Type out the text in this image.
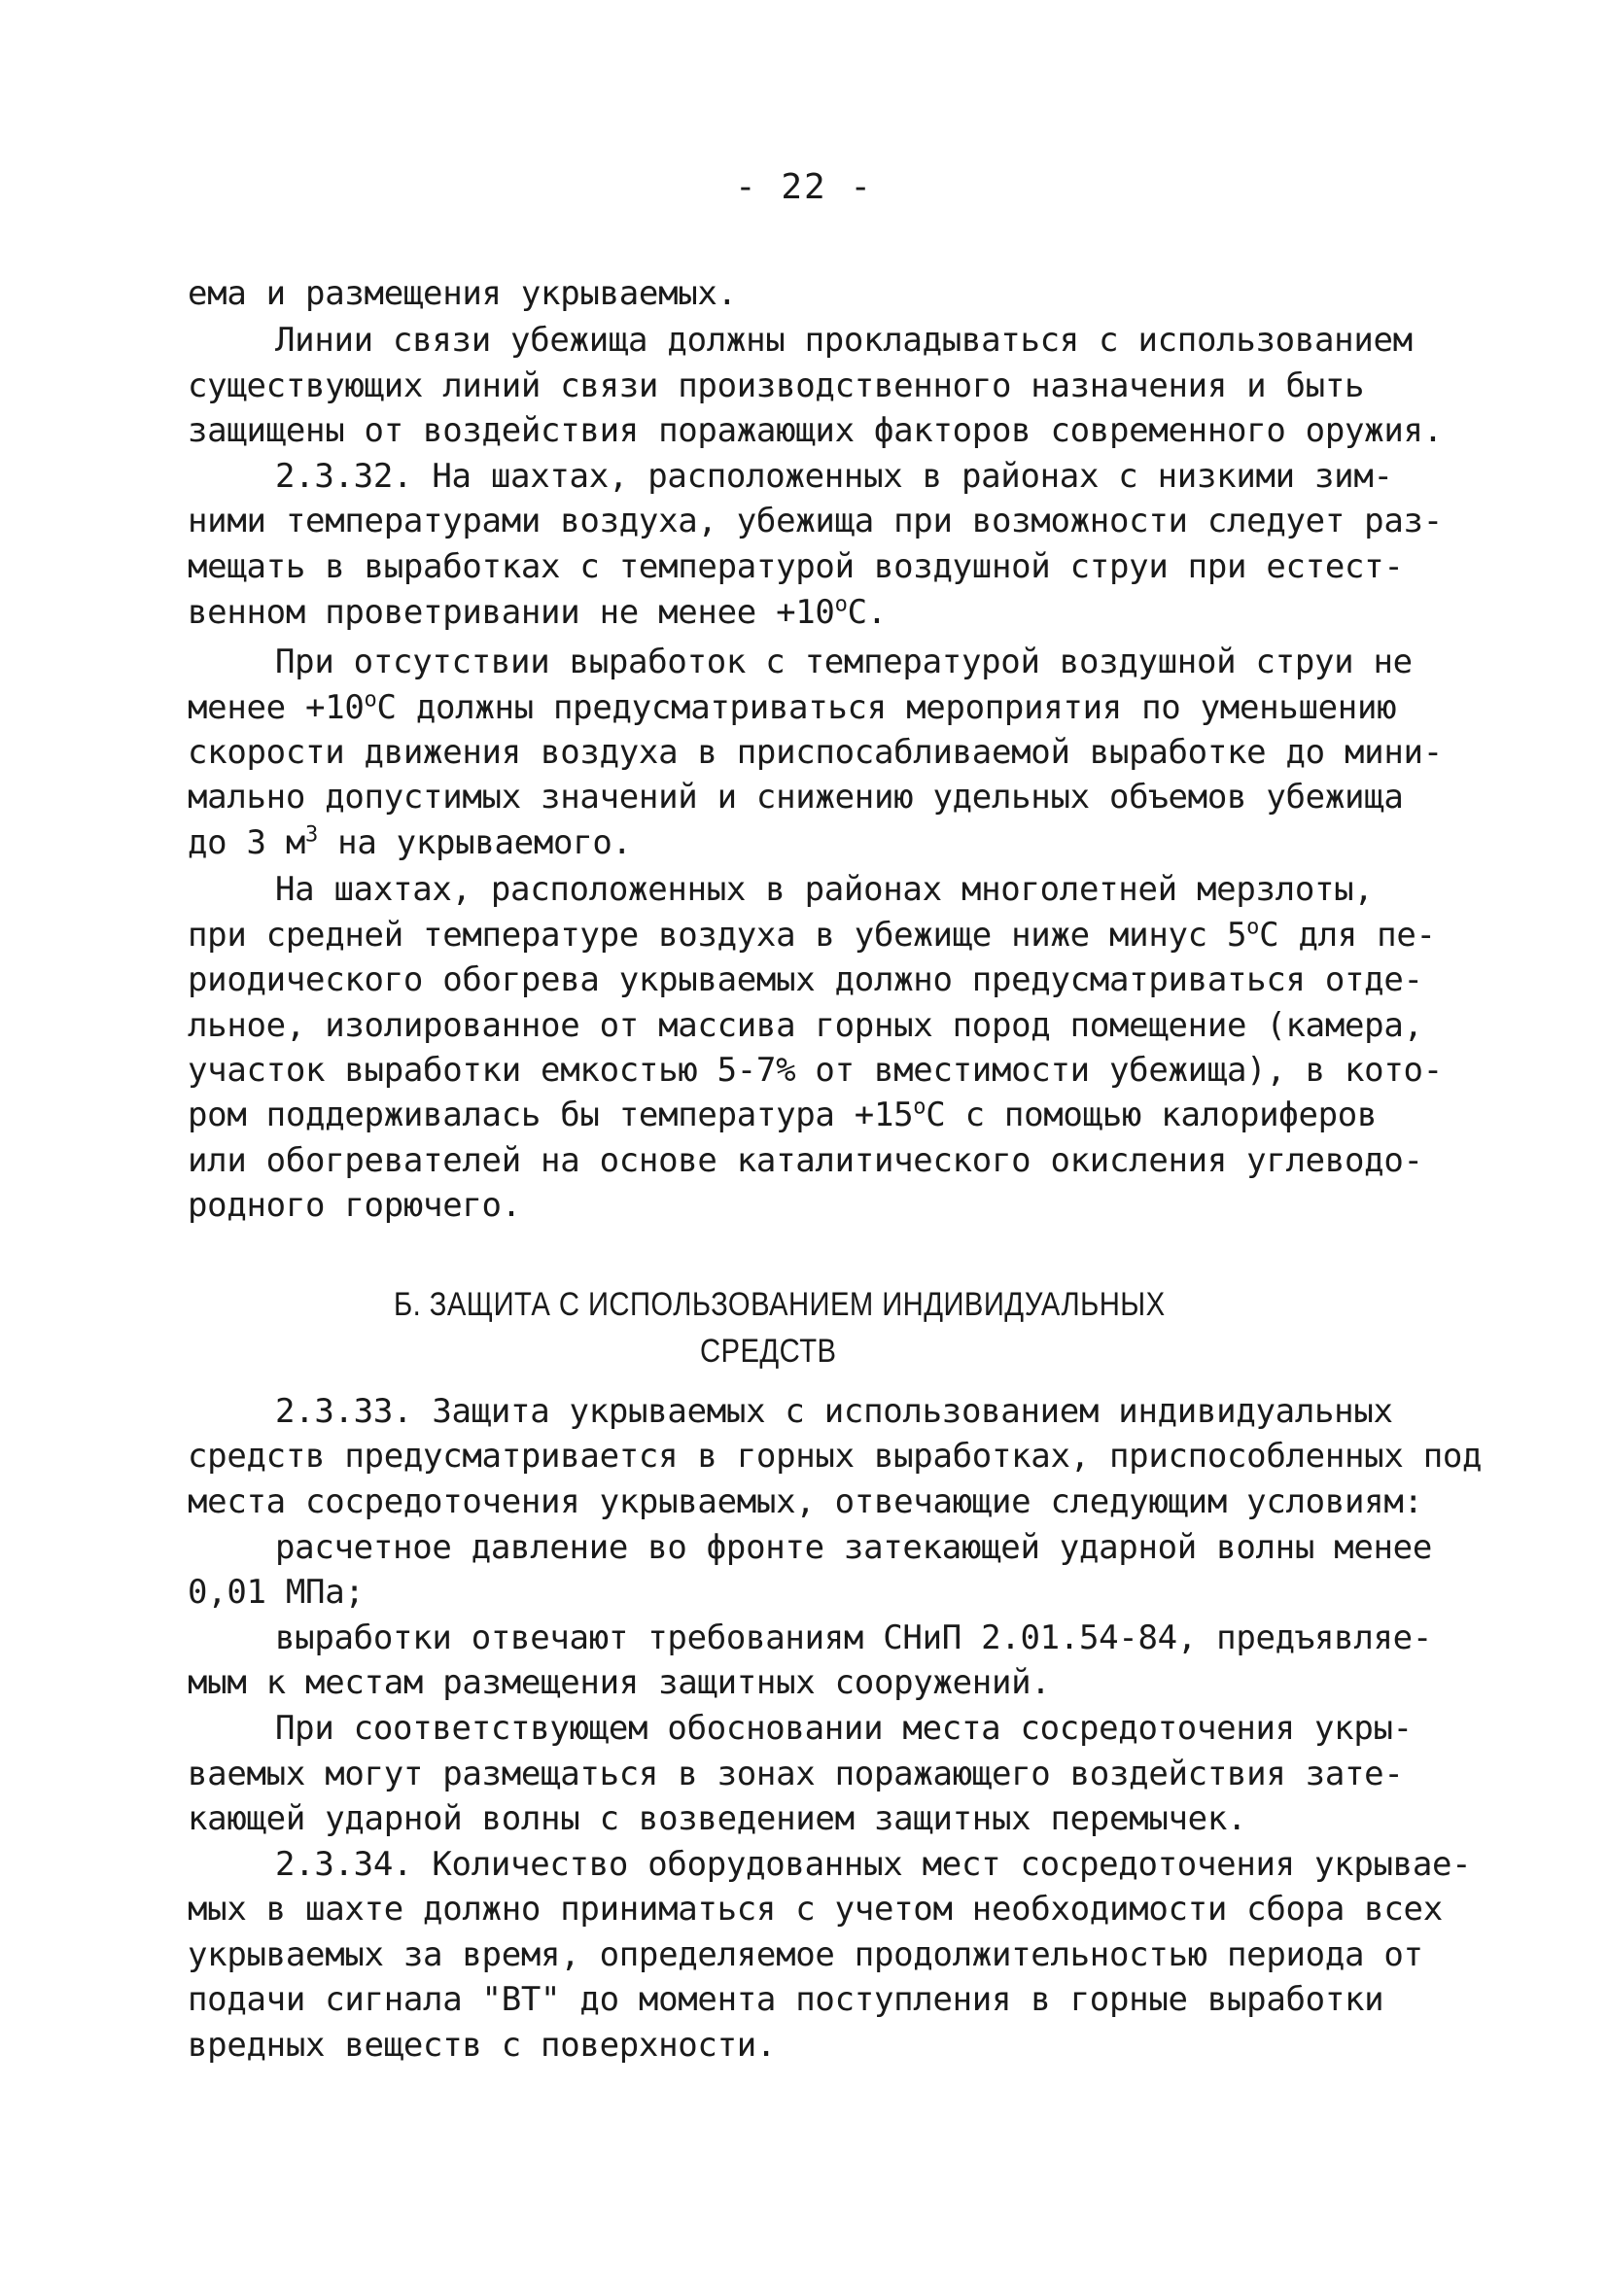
- 22 -
ема и размещения укрываемых.
Линии связи убежища должны прокладываться с использованием
существующих линий связи производственного назначения и быть
защищены от воздействия поражающих факторов современного оружия.
2.3.32. На шахтах, расположенных в районах с низкими зим-
ними температурами воздуха, убежища при возможности следует раз-
мещать в выработках с температурой воздушной струи при естест-
венном проветривании не менее $+10^оС$.
При отсутствии выработок с температурой воздушной струи не
менее $+10^оС$ должны предусматриваться мероприятия по уменьшению
скорости движения воздуха в приспосабливаемой выработке до мини-
мально допустимых значений и снижению удельных объемов убежища
до 3 $м^3$ на укрываемого.
На шахтах, расположенных в районах многолетней мерзлоты,
при средней температуре воздуха в убежище ниже минус $5^оС$ для пе-
риодического обогрева укрываемых должно предусматриваться отде-
льное, изолированное от массива горных пород помещение (камера,
участок выработки емкостью 5-7% от вместимости убежища), в кото-
ром поддерживалась бы температура $+15^оС$ с помощью калориферов
или обогревателей на основе каталитического окисления углеводо-
родного горючего.
Б. ЗАЩИТА С ИСПОЛЬЗОВАНИЕМ ИНДИВИДУАЛЬНЫХ
СРЕДСТВ
2.3.33. Защита укрываемых с использованием индивидуальных
средств предусматривается в горных выработках, приспособленных под
места сосредоточения укрываемых, отвечающие следующим условиям:
расчетное давление во фронте затекающей ударной волны менее
0,01 МПа;
выработки отвечают требованиям СНиП 2.01.54-84, предъявляе-
мым к местам размещения защитных сооружений.
При соответствующем обосновании места сосредоточения укры-
ваемых могут размещаться в зонах поражающего воздействия зате-
кающей ударной волны с возведением защитных перемычек.
2.3.34. Количество оборудованных мест сосредоточения укрывае-
мых в шахте должно приниматься с учетом необходимости сбора всех
укрываемых за время, определяемое продолжительностью периода от
подачи сигнала "ВТ" до момента поступления в горные выработки
вредных веществ с поверхности.
